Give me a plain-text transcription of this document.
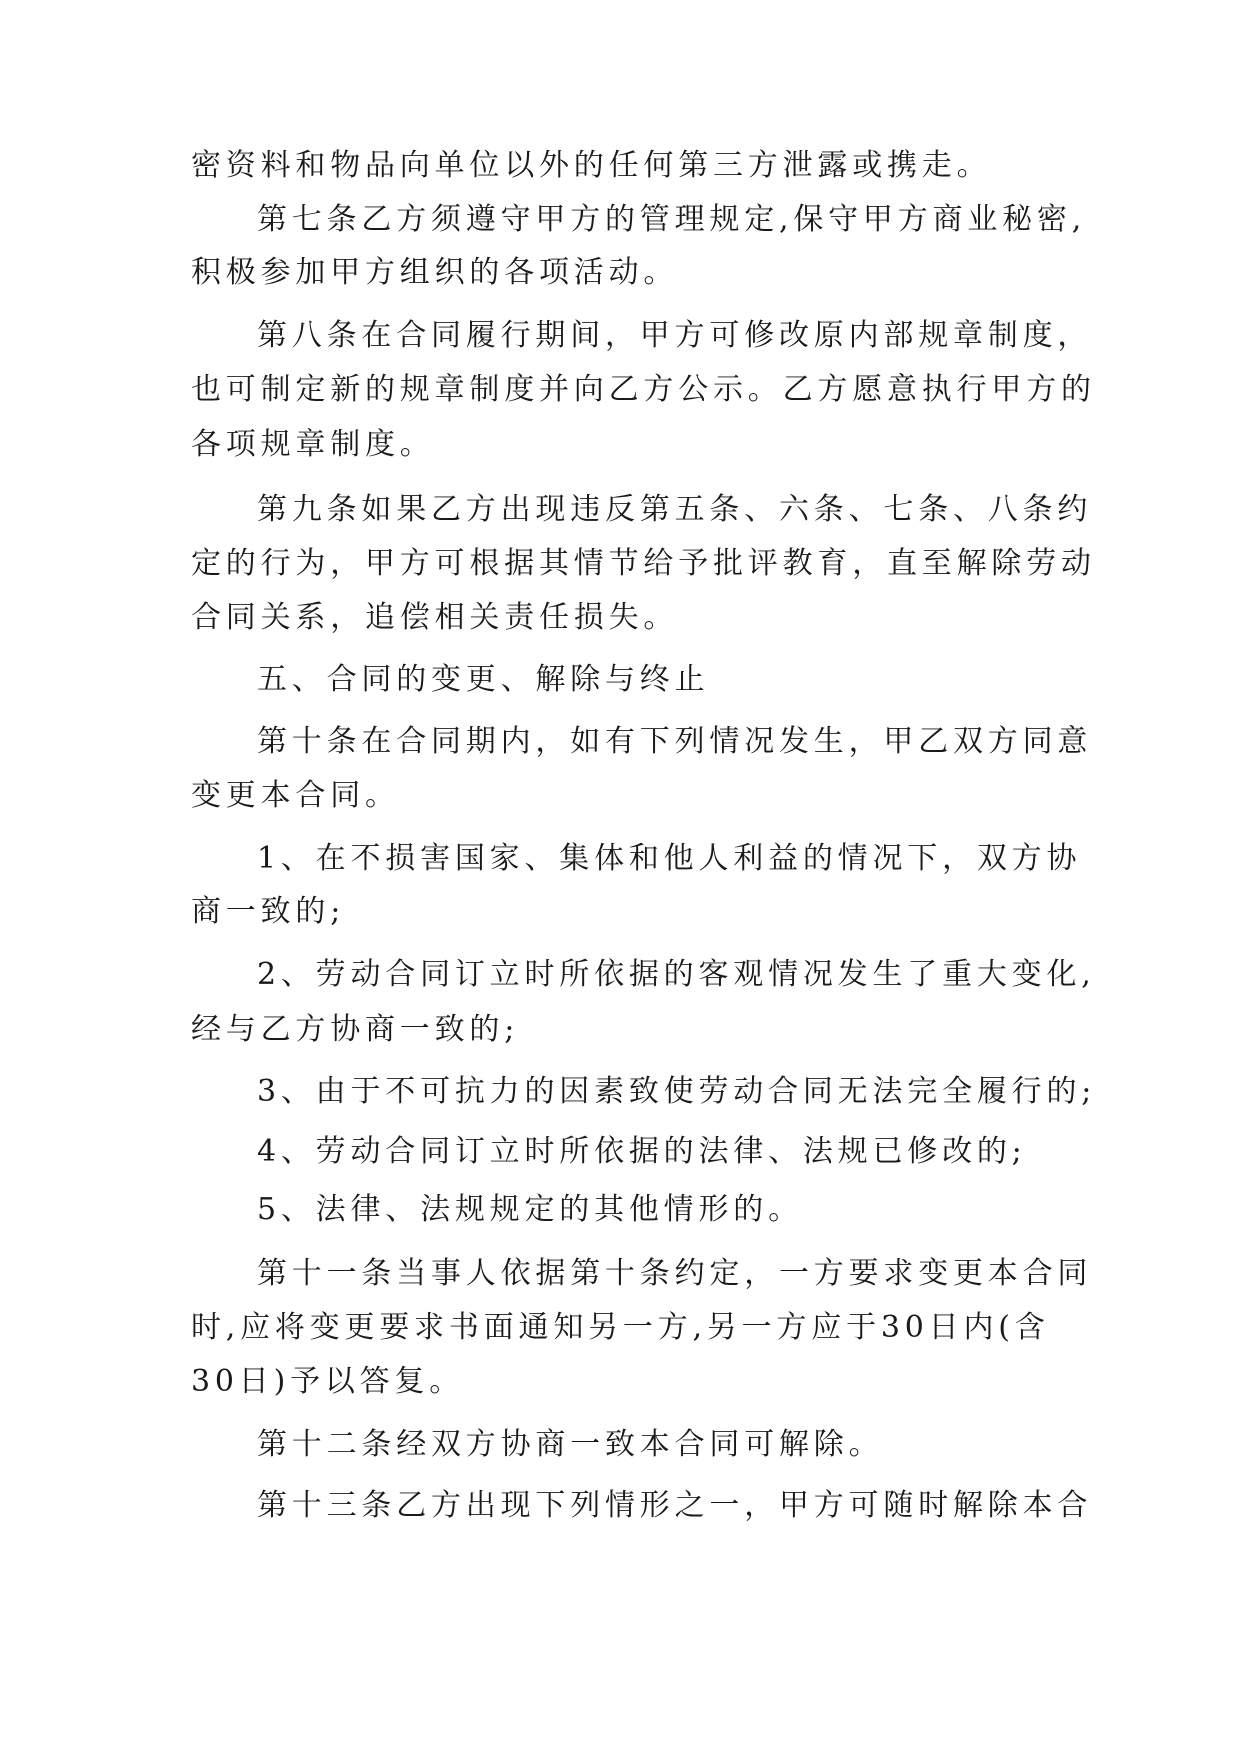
密资料和物品向单位以外的任何第三方泄露或携走。

第七条乙方须遵守甲方的管理规定,保守甲方商业秘密,

积极参加甲方组织的各项活动。

第八条在合同履行期间，甲方可修改原内部规章制度，

也可制定新的规章制度并向乙方公示。乙方愿意执行甲方的

各项规章制度。

第九条如果乙方出现违反第五条、六条、七条、八条约

定的行为，甲方可根据其情节给予批评教育，直至解除劳动

合同关系，追偿相关责任损失。

五、合同的变更、解除与终止

第十条在合同期内，如有下列情况发生，甲乙双方同意

变更本合同。

1、在不损害国家、集体和他人利益的情况下，双方协

商一致的;

2、劳动合同订立时所依据的客观情况发生了重大变化,

经与乙方协商一致的;

3、由于不可抗力的因素致使劳动合同无法完全履行的;

4、劳动合同订立时所依据的法律、法规已修改的;

5、法律、法规规定的其他情形的。

第十一条当事人依据第十条约定，一方要求变更本合同

时,应将变更要求书面通知另一方,另一方应于30日内(含

30日)予以答复。

第十二条经双方协商一致本合同可解除。

第十三条乙方出现下列情形之一，甲方可随时解除本合
